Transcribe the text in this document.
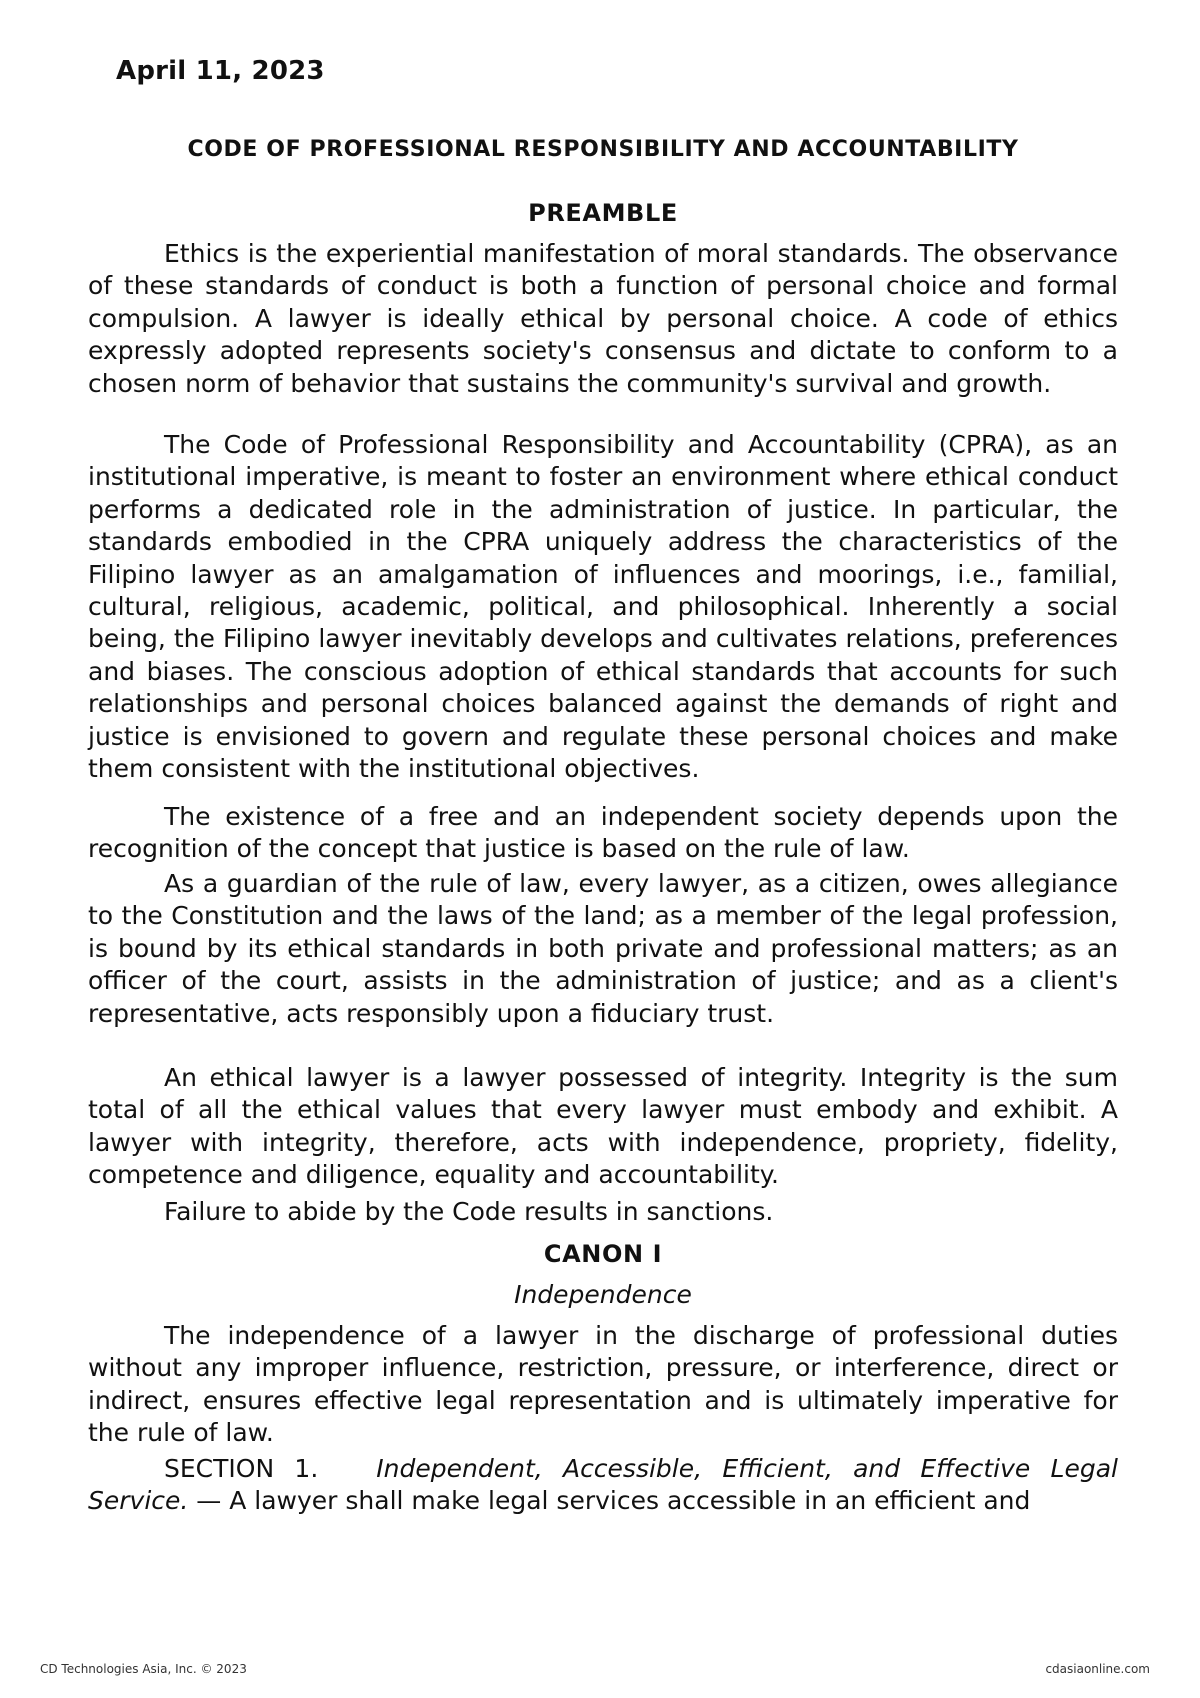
April 11, 2023
CODE OF PROFESSIONAL RESPONSIBILITY AND ACCOUNTABILITY
PREAMBLE

Ethics is the experiential manifestation of moral standards. The observance of these standards of conduct is both a function of personal choice and formal compulsion. A lawyer is ideally ethical by personal choice. A code of ethics expressly adopted represents society's consensus and dictate to conform to a chosen norm of behavior that sustains the community's survival and growth.

The Code of Professional Responsibility and Accountability (CPRA), as an institutional imperative, is meant to foster an environment where ethical conduct performs a dedicated role in the administration of justice. In particular, the standards embodied in the CPRA uniquely address the characteristics of the Filipino lawyer as an amalgamation of influences and moorings, i.e., familial, cultural, religious, academic, political, and philosophical. Inherently a social being, the Filipino lawyer inevitably develops and cultivates relations, preferences and biases. The conscious adoption of ethical standards that accounts for such relationships and personal choices balanced against the demands of right and justice is envisioned to govern and regulate these personal choices and make them consistent with the institutional objectives.

The existence of a free and an independent society depends upon the recognition of the concept that justice is based on the rule of law.

As a guardian of the rule of law, every lawyer, as a citizen, owes allegiance to the Constitution and the laws of the land; as a member of the legal profession, is bound by its ethical standards in both private and professional matters; as an officer of the court, assists in the administration of justice; and as a client's representative, acts responsibly upon a fiduciary trust.

An ethical lawyer is a lawyer possessed of integrity. Integrity is the sum total of all the ethical values that every lawyer must embody and exhibit. A lawyer with integrity, therefore, acts with independence, propriety, fidelity, competence and diligence, equality and accountability.

Failure to abide by the Code results in sanctions.

CANON I
Independence

The independence of a lawyer in the discharge of professional duties without any improper influence, restriction, pressure, or interference, direct or indirect, ensures effective legal representation and is ultimately imperative for the rule of law.

SECTION 1. Independent, Accessible, Efficient, and Effective Legal Service. — A lawyer shall make legal services accessible in an efficient and

CD Technologies Asia, Inc. © 2023	cdasiaonline.com
